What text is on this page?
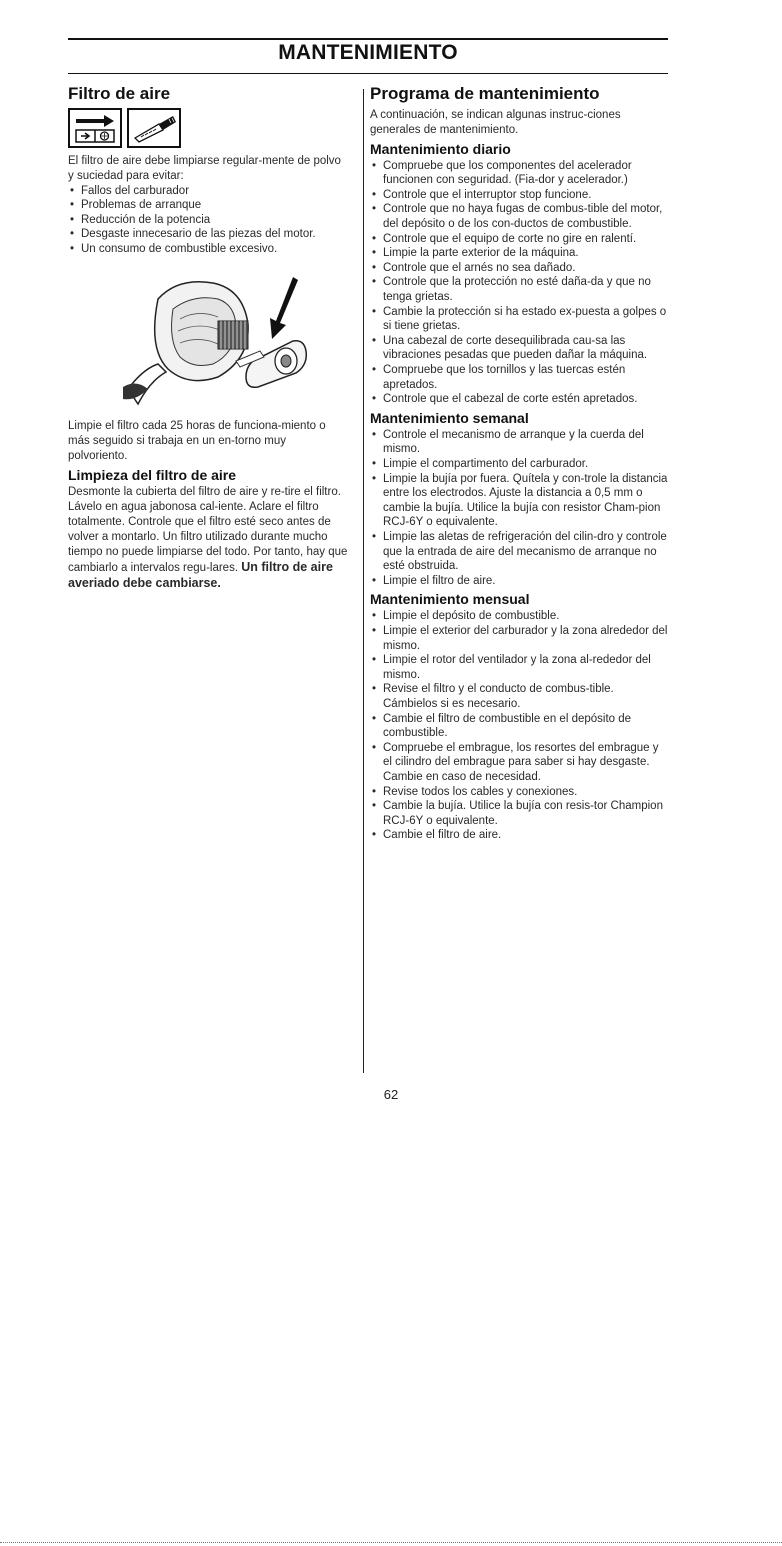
MANTENIMIENTO
Filtro de aire

El filtro de aire debe limpiarse regular-mente de polvo y suciedad para evitar:

• Fallos del carburador
• Problemas de arranque
• Reducción de la potencia
• Desgaste innecesario de las piezas del motor.
• Un consumo de combustible excesivo.

Limpie el filtro cada 25 horas de funciona-miento o más seguido si trabaja en un en-torno muy polvoriento.

Limpieza del filtro de aire

Desmonte la cubierta del filtro de aire y re-tire el filtro. Lávelo en agua jabonosa cal-iente. Aclare el filtro totalmente. Controle que el filtro esté seco antes de volver a montarlo. Un filtro utilizado durante mucho tiempo no puede limpiarse del todo. Por tanto, hay que cambiarlo a intervalos regu-lares. Un filtro de aire averiado debe cambiarse.

Programa de mantenimiento

A continuación, se indican algunas instruc-ciones generales de mantenimiento.

Mantenimiento diario
• Compruebe que los componentes del acelerador funcionen con seguridad. (Fia-dor y acelerador.)
• Controle que el interruptor stop funcione.
• Controle que no haya fugas de combus-tible del motor, del depósito o de los con-ductos de combustible.
• Controle que el equipo de corte no gire en ralentí.
• Limpie la parte exterior de la máquina.
• Controle que el arnés no sea dañado.
• Controle que la protección no esté daña-da y que no tenga grietas.
• Cambie la protección si ha estado ex-puesta a golpes o si tiene grietas.
• Una cabezal de corte desequilibrada cau-sa las vibraciones pesadas que pueden dañar la máquina.
• Compruebe que los tornillos y las tuercas estén apretados.
• Controle que el cabezal de corte estén apretados.
Mantenimiento semanal
• Controle el mecanismo de arranque y la cuerda del mismo.
• Limpie el compartimento del carburador.
• Limpie la bujía por fuera. Quítela y con-trole la distancia entre los electrodos. Ajuste la distancia a 0,5 mm o cambie la bujía. Utilice la bujía con resistor Cham-pion RCJ-6Y o equivalente.
• Limpie las aletas de refrigeración del cilin-dro y controle que la entrada de aire del mecanismo de arranque no esté obstruida.
• Limpie el filtro de aire.
Mantenimiento mensual
• Limpie el depósito de combustible.
• Limpie el exterior del carburador y la zona alrededor del mismo.
• Limpie el rotor del ventilador y la zona al-rededor del mismo.
• Revise el filtro y el conducto de combus-tible. Cámbielos si es necesario.
• Cambie el filtro de combustible en el depósito de combustible.
• Compruebe el embrague, los resortes del embrague y el cilindro del embrague para saber si hay desgaste. Cambie en caso de necesidad.
• Revise todos los cables y conexiones.
• Cambie la bujía. Utilice la bujía con resis-tor Champion RCJ-6Y o equivalente.
• Cambie el filtro de aire.
62
